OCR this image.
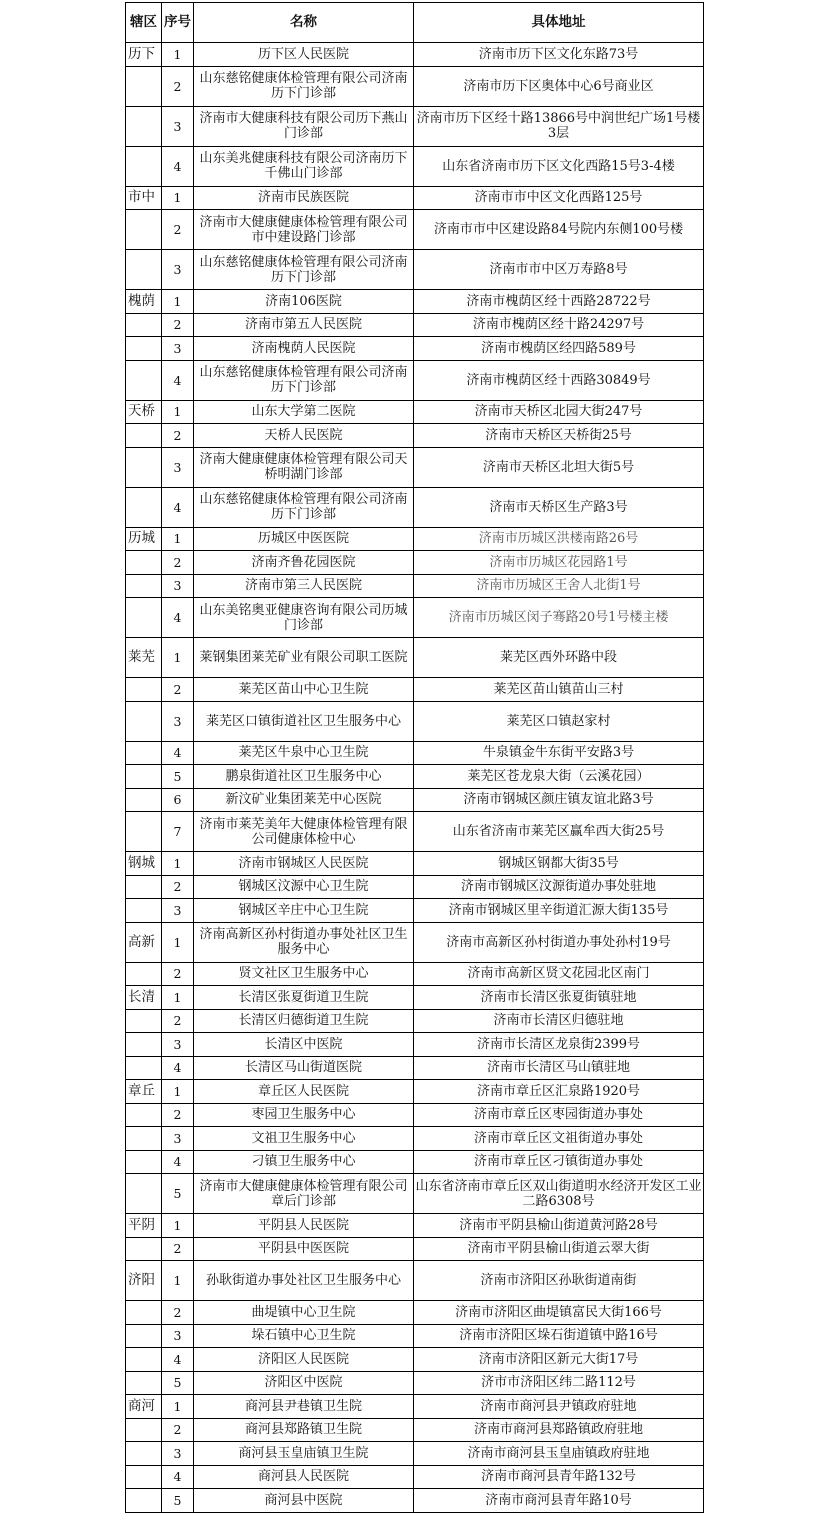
辖区	序号	名称	具体地址
历下	1	历下区人民医院	济南市历下区文化东路73号
	2	山东慈铭健康体检管理有限公司济南历下门诊部	济南市历下区奥体中心6号商业区
	3	济南市大健康科技有限公司历下燕山门诊部	济南市历下区经十路13866号中润世纪广场1号楼3层
	4	山东美兆健康科技有限公司济南历下千佛山门诊部	山东省济南市历下区文化西路15号3-4楼
市中	1	济南市民族医院	济南市市中区文化西路125号
	2	济南市大健康健康体检管理有限公司市中建设路门诊部	济南市市中区建设路84号院内东侧100号楼
	3	山东慈铭健康体检管理有限公司济南历下门诊部	济南市市中区万寿路8号
槐荫	1	济南106医院	济南市槐荫区经十西路28722号
	2	济南市第五人民医院	济南市槐荫区经十路24297号
	3	济南槐荫人民医院	济南市槐荫区经四路589号
	4	山东慈铭健康体检管理有限公司济南历下门诊部	济南市槐荫区经十西路30849号
天桥	1	山东大学第二医院	济南市天桥区北园大街247号
	2	天桥人民医院	济南市天桥区天桥街25号
	3	济南大健康健康体检管理有限公司天桥明湖门诊部	济南市天桥区北坦大街5号
	4	山东慈铭健康体检管理有限公司济南历下门诊部	济南市天桥区生产路3号
历城	1	历城区中医医院	济南市历城区洪楼南路26号
	2	济南齐鲁花园医院	济南市历城区花园路1号
	3	济南市第三人民医院	济南市历城区王舍人北街1号
	4	山东美铭奥亚健康咨询有限公司历城门诊部	济南市历城区闵子骞路20号1号楼主楼
莱芜	1	莱钢集团莱芜矿业有限公司职工医院	莱芜区西外环路中段
	2	莱芜区苗山中心卫生院	莱芜区苗山镇苗山三村
	3	莱芜区口镇街道社区卫生服务中心	莱芜区口镇赵家村
	4	莱芜区牛泉中心卫生院	牛泉镇金牛东街平安路3号
	5	鹏泉街道社区卫生服务中心	莱芜区苍龙泉大街（云溪花园）
	6	新汶矿业集团莱芜中心医院	济南市钢城区颜庄镇友谊北路3号
	7	济南市莱芜美年大健康体检管理有限公司健康体检中心	山东省济南市莱芜区赢牟西大街25号
钢城	1	济南市钢城区人民医院	钢城区钢都大街35号
	2	钢城区汶源中心卫生院	济南市钢城区汶源街道办事处驻地
	3	钢城区辛庄中心卫生院	济南市钢城区里辛街道汇源大街135号
高新	1	济南高新区孙村街道办事处社区卫生服务中心	济南市高新区孙村街道办事处孙村19号
	2	贤文社区卫生服务中心	济南市高新区贤文花园北区南门
长清	1	长清区张夏街道卫生院	济南市长清区张夏街镇驻地
	2	长清区归德街道卫生院	济南市长清区归德驻地
	3	长清区中医院	济南市长清区龙泉街2399号
	4	长清区马山街道医院	济南市长清区马山镇驻地
章丘	1	章丘区人民医院	济南市章丘区汇泉路1920号
	2	枣园卫生服务中心	济南市章丘区枣园街道办事处
	3	文祖卫生服务中心	济南市章丘区文祖街道办事处
	4	刁镇卫生服务中心	济南市章丘区刁镇街道办事处
	5	济南市大健康健康体检管理有限公司章后门诊部	山东省济南市章丘区双山街道明水经济开发区工业二路6308号
平阴	1	平阴县人民医院	济南市平阴县榆山街道黄河路28号
	2	平阴县中医医院	济南市平阴县榆山街道云翠大街
济阳	1	孙耿街道办事处社区卫生服务中心	济南市济阳区孙耿街道南街
	2	曲堤镇中心卫生院	济南市济阳区曲堤镇富民大街166号
	3	垛石镇中心卫生院	济南市济阳区垛石街道镇中路16号
	4	济阳区人民医院	济南市济阳区新元大街17号
	5	济阳区中医院	济市市济阳区纬二路112号
商河	1	商河县尹巷镇卫生院	济南市商河县尹镇政府驻地
	2	商河县郑路镇卫生院	济南市商河县郑路镇政府驻地
	3	商河县玉皇庙镇卫生院	济南市商河县玉皇庙镇政府驻地
	4	商河县人民医院	济南市商河县青年路132号
	5	商河县中医院	济南市商河县青年路10号
